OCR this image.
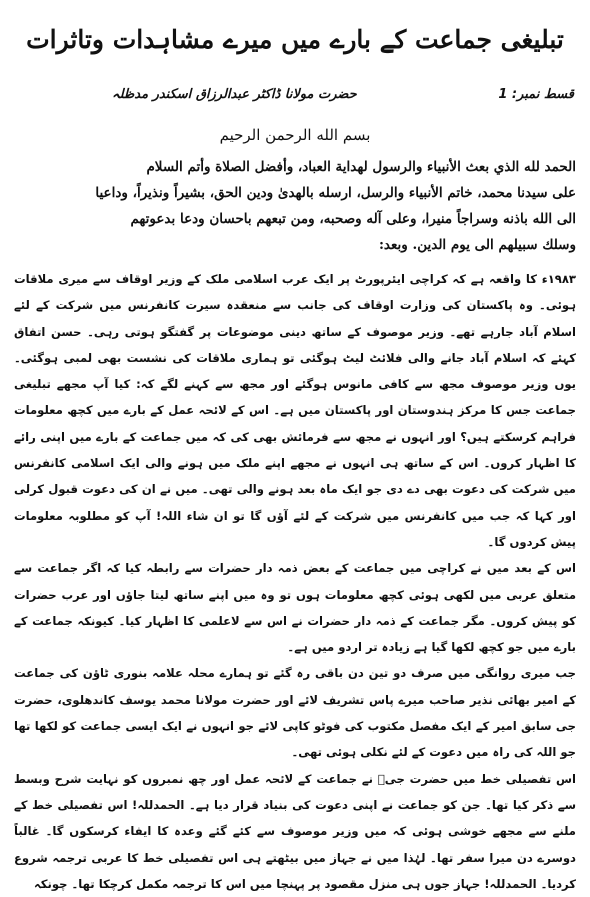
تبلیغی جماعت کے بارے میں میرے مشاہدات وتاثرات
قسط نمبر: 1
حضرت مولانا ڈاکٹر عبدالرزاق اسکندر مدظلہ
بسم الله الرحمن الرحيم

الحمد لله الذي بعث الأنبياء والرسول لهداية العباد، وأفضل الصلاة وأتم السلام

على سيدنا محمد، خاتم الأنبياء والرسل، ارسله بالهدىٰ ودين الحق، بشيراً ونذيراً، وداعيا

الى الله باذنه وسراجاً منيرا، وعلى آله وصحبه، ومن تبعهم باحسان ودعا بدعوتهم

وسلك سبيلهم الى يوم الدين. وبعد:

۱۹۸۳ء کا واقعہ ہے کہ کراچی ایئرپورٹ پر ایک عرب اسلامی ملک کے وزیر اوقاف سے میری ملاقات ہوئی۔ وہ پاکستان کی وزارت اوقاف کی جانب سے منعقدہ سیرت کانفرنس میں شرکت کے لئے اسلام آباد جارہے تھے۔ وزیر موصوف کے ساتھ دینی موضوعات پر گفتگو ہوتی رہی۔ حسن اتفاق کہئے کہ اسلام آباد جانے والی فلائٹ لیٹ ہوگئی تو ہماری ملاقات کی نشست بھی لمبی ہوگئی۔ یوں وزیر موصوف مجھ سے کافی مانوس ہوگئے اور مجھ سے کہنے لگے کہ: کیا آپ مجھے تبلیغی جماعت جس کا مرکز ہندوستان اور پاکستان میں ہے۔ اس کے لائحہ عمل کے بارے میں کچھ معلومات فراہم کرسکتے ہیں؟ اور انہوں نے مجھ سے فرمائش بھی کی کہ میں جماعت کے بارے میں اپنی رائے کا اظہار کروں۔ اس کے ساتھ ہی انہوں نے مجھے اپنے ملک میں ہونے والی ایک اسلامی کانفرنس میں شرکت کی دعوت بھی دے دی جو ایک ماہ بعد ہونے والی تھی۔ میں نے ان کی دعوت قبول کرلی اور کہا کہ جب میں کانفرنس میں شرکت کے لئے آؤں گا تو ان شاء اللہ! آپ کو مطلوبہ معلومات پیش کردوں گا۔

اس کے بعد میں نے کراچی میں جماعت کے بعض ذمہ دار حضرات سے رابطہ کیا کہ اگر جماعت سے متعلق عربی میں لکھی ہوئی کچھ معلومات ہوں تو وہ میں اپنے ساتھ لیتا جاؤں اور عرب حضرات کو پیش کروں۔ مگر جماعت کے ذمہ دار حضرات نے اس سے لاعلمی کا اظہار کیا۔ کیونکہ جماعت کے بارے میں جو کچھ لکھا گیا ہے زیادہ تر اردو میں ہے۔

جب میری روانگی میں صرف دو تین دن باقی رہ گئے تو ہمارے محلہ علامہ بنوری ٹاؤن کی جماعت کے امیر بھائی نذیر صاحب میرے پاس تشریف لائے اور حضرت مولانا محمد یوسف کاندھلوی، حضرت جی سابق امیر کے ایک مفصل مکتوب کی فوٹو کاپی لائے جو انہوں نے ایک ایسی جماعت کو لکھا تھا جو اللہ کی راہ میں دعوت کے لئے نکلی ہوئی تھی۔

اس تفصیلی خط میں حضرت جیؒ نے جماعت کے لائحہ عمل اور چھ نمبروں کو نہایت شرح وبسط سے ذکر کیا تھا۔ جن کو جماعت نے اپنی دعوت کی بنیاد قرار دیا ہے۔ الحمدللہ! اس تفصیلی خط کے ملنے سے مجھے خوشی ہوئی کہ میں وزیر موصوف سے کئے گئے وعدہ کا ایفاء کرسکوں گا۔ غالباً دوسرے دن میرا سفر تھا۔ لہٰذا میں نے جہاز میں بیٹھتے ہی اس تفصیلی خط کا عربی ترجمہ شروع کردیا۔ الحمدللہ! جہاز جوں ہی منزل مقصود پر پہنچا میں اس کا ترجمہ مکمل کرچکا تھا۔ چونکہ
